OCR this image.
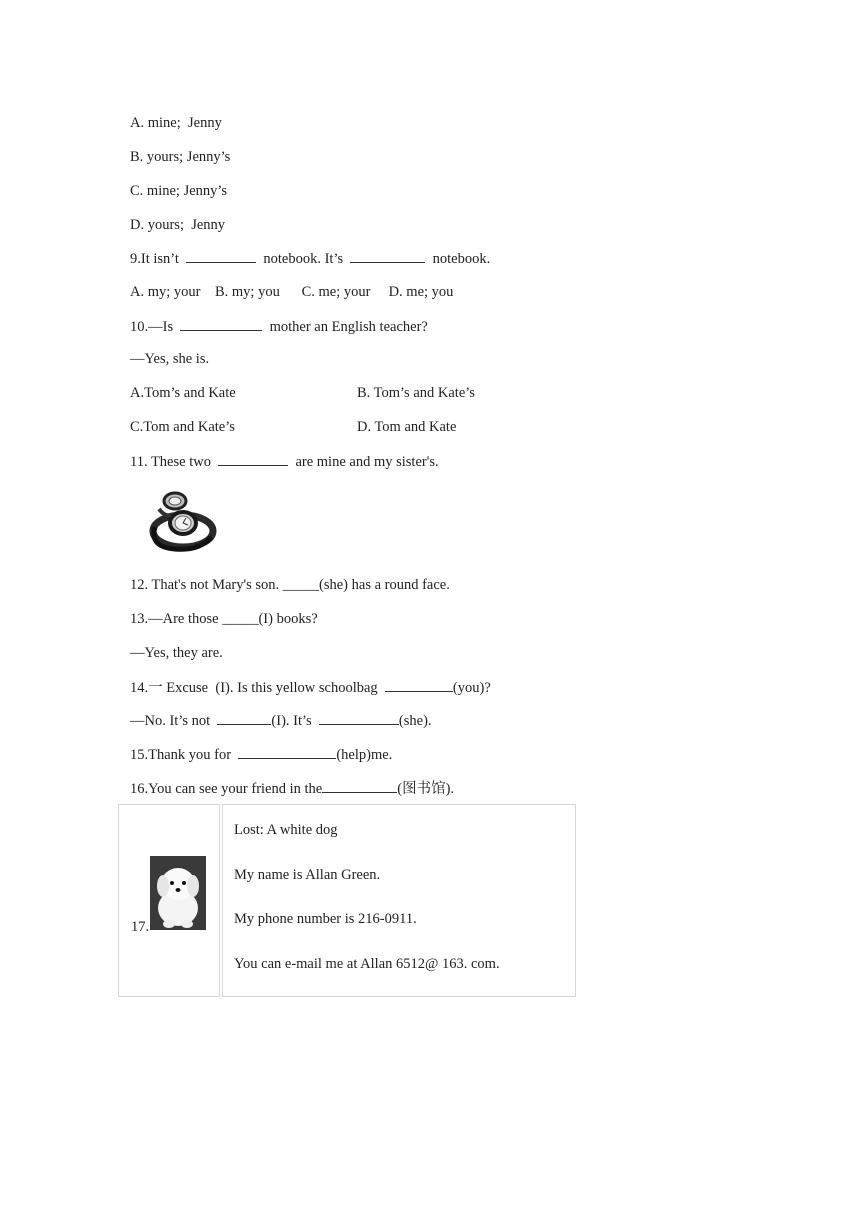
A. mine;  Jenny
B. yours; Jenny’s
C. mine; Jenny’s
D. yours;  Jenny
9.It isn’t	notebook. It’s	notebook.
A. my; your    B. my; you      C. me; your     D. me; you
10.—Is	mother an English teacher?
—Yes, she is.
A.Tom’s and Kate	B. Tom’s and Kate’s
C.Tom and Kate’s	D. Tom and Kate
11. These two	are mine and my sister's.
12. That's not Mary's son. _____(she) has a round face.
13.—Are those _____(I) books?
—Yes, they are.
14.一 Excuse  (I). Is this yellow schoolbag	(you)?
—No. It’s not	(I). It’s	(she).
15.Thank you for	(help)me.
16.You can see your friend in the	(图书馆).
17.
Lost: A white dog
My name is Allan Green.
My phone number is 216-0911.
You can e-mail me at Allan 6512@ 163. com.
